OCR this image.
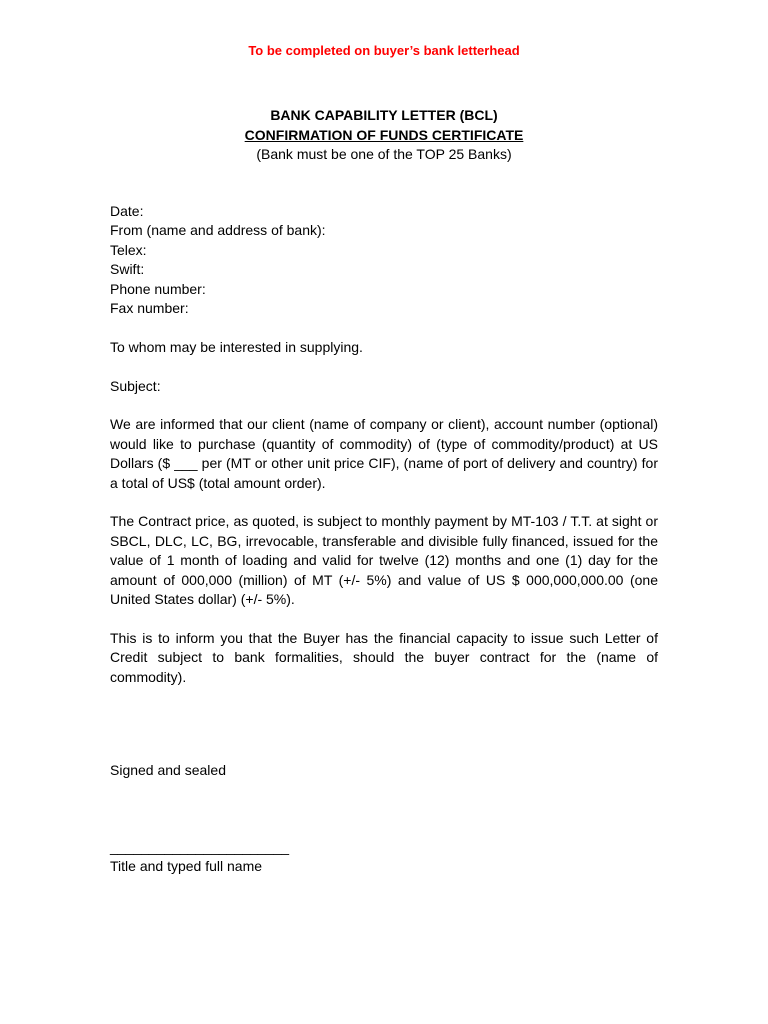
To be completed on buyer’s bank letterhead
BANK CAPABILITY LETTER (BCL)
CONFIRMATION OF FUNDS CERTIFICATE
(Bank must be one of the TOP 25 Banks)
Date:
From (name and address of bank):
Telex:
Swift:
Phone number:
Fax number:
To whom may be interested in supplying.
Subject:
We are informed that our client (name of company or client), account number (optional) would like to purchase (quantity of commodity) of (type of commodity/product) at US Dollars ($ ___ per (MT or other unit price CIF), (name of port of delivery and country) for a total of US$ (total amount order).
The Contract price, as quoted, is subject to monthly payment by MT-103 / T.T. at sight or SBCL, DLC, LC, BG, irrevocable, transferable and divisible fully financed, issued for the value of 1 month of loading and valid for twelve (12) months and one (1) day for the amount of 000,000 (million) of MT (+/- 5%) and value of US $ 000,000,000.00 (one United States dollar) (+/- 5%).
This is to inform you that the Buyer has the financial capacity to issue such Letter of Credit subject to bank formalities, should the buyer contract for the (name of commodity).
Signed and sealed
_______________________
Title and typed full name
